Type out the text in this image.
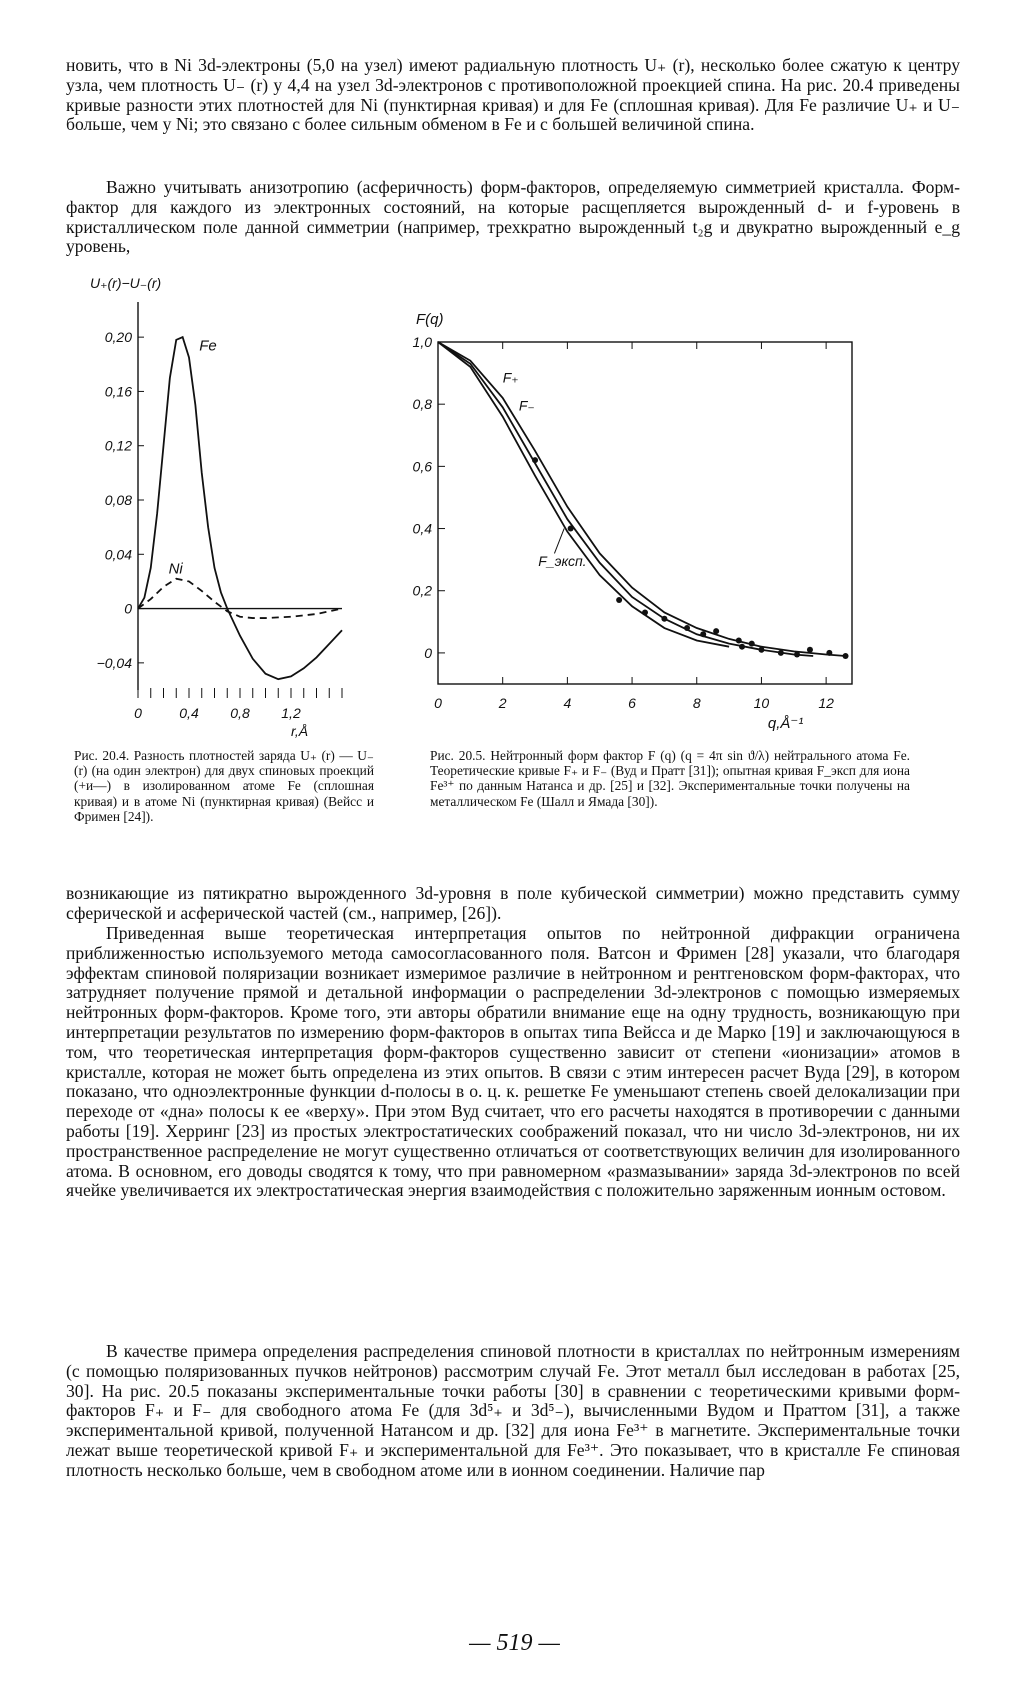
новить, что в Ni 3d-электроны (5,0 на узел) имеют радиальную плотность U₊ (r), несколько более сжатую к центру узла, чем плотность U₋ (r) у 4,4 на узел 3d-электронов с противоположной проекцией спина. На рис. 20.4 приведены кривые разности этих плотностей для Ni (пунктирная кривая) и для Fe (сплошная кривая). Для Fe различие U₊ и U₋ больше, чем у Ni; это связано с более сильным обменом в Fe и с большей величиной спина.

Важно учитывать анизотропию (асферичность) форм-факторов, определяемую симметрией кристалла. Форм-фактор для каждого из электронных состояний, на которые расщепляется вырожденный d- и f-уровень в кристаллическом поле данной симметрии (например, трехкратно вырожденный t₂g и двукратно вырожденный e_g уровень,

0,20
0,16
0,12
0,08
0,04
0
−0,04
0	0,4 0,8 1,2
U₊(r)−U₋(r)
r,Å
Fe
Ni

Рис. 20.4. Разность плотностей заряда U₊ (r) — U₋ (r) (на один электрон) для двух спиновых проекций (+и—) в изолированном атоме Fe (сплошная кривая) и в атоме Ni (пунктирная кривая) (Вейсс и Фримен [24]).

1,0
0,8
0,6
0,4
0,2
0
0	2	4	6	8	10	12
F(q)
q,Å⁻¹
F₊
F₋
F_эксп.

Рис. 20.5. Нейтронный форм фактор F (q) (q = 4π sin ϑ/λ) нейтрального атома Fe. Теоретические кривые F₊ и F₋ (Вуд и Пратт [31]); опытная кривая F_эксп для иона Fe³⁺ по данным Натанса и др. [25] и [32]. Экспериментальные точки получены на металлическом Fe (Шалл и Ямада [30]).

возникающие из пятикратно вырожденного 3d-уровня в поле кубической симметрии) можно представить сумму сферической и асферической частей (см., например, [26]).

Приведенная выше теоретическая интерпретация опытов по нейтронной дифракции ограничена приближенностью используемого метода самосогласованного поля. Ватсон и Фримен [28] указали, что благодаря эффектам спиновой поляризации возникает измеримое различие в нейтронном и рентгеновском форм-факторах, что затрудняет получение прямой и детальной информации о распределении 3d-электронов с помощью измеряемых нейтронных форм-факторов. Кроме того, эти авторы обратили внимание еще на одну трудность, возникающую при интерпретации результатов по измерению форм-факторов в опытах типа Вейсса и де Марко [19] и заключающуюся в том, что теоретическая интерпретация форм-факторов существенно зависит от степени «ионизации» атомов в кристалле, которая не может быть определена из этих опытов. В связи с этим интересен расчет Вуда [29], в котором показано, что одноэлектронные функции d-полосы в о. ц. к. решетке Fe уменьшают степень своей делокализации при переходе от «дна» полосы к ее «верху». При этом Вуд считает, что его расчеты находятся в противоречии с данными работы [19]. Херринг [23] из простых электростатических соображений показал, что ни число 3d-электронов, ни их пространственное распределение не могут существенно отличаться от соответствующих величин для изолированного атома. В основном, его доводы сводятся к тому, что при равномерном «размазывании» заряда 3d-электронов по всей ячейке увеличивается их электростатическая энергия взаимодействия с положительно заряженным ионным остовом.

В качестве примера определения распределения спиновой плотности в кристаллах по нейтронным измерениям (с помощью поляризованных пучков нейтронов) рассмотрим случай Fe. Этот металл был исследован в работах [25, 30]. На рис. 20.5 показаны экспериментальные точки работы [30] в сравнении с теоретическими кривыми форм-факторов F₊ и F₋ для свободного атома Fe (для 3d⁵₊ и 3d⁵₋), вычисленными Вудом и Праттом [31], а также экспериментальной кривой, полученной Натансом и др. [32] для иона Fe³⁺ в магнетите. Экспериментальные точки лежат выше теоретической кривой F₊ и экспериментальной для Fe³⁺. Это показывает, что в кристалле Fe спиновая плотность несколько больше, чем в свободном атоме или в ионном соединении. Наличие пар

— 519 —
